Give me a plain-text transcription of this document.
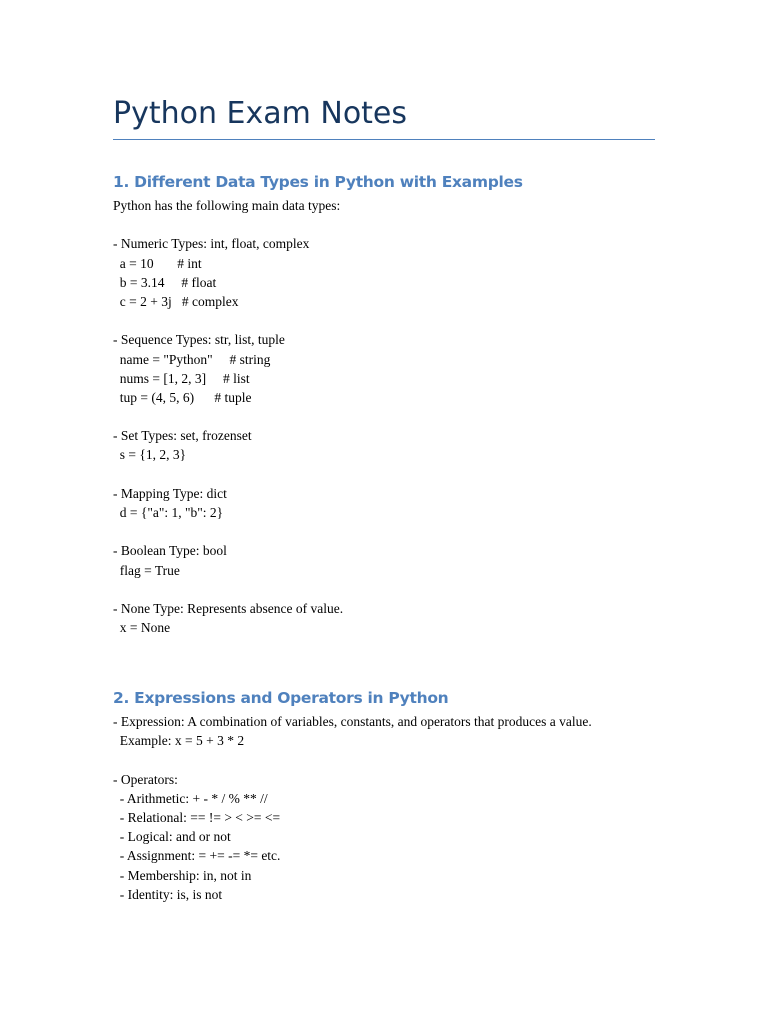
Python Exam Notes
1. Different Data Types in Python with Examples
Python has the following main data types:
- Numeric Types: int, float, complex
a = 10       # int
b = 3.14     # float
c = 2 + 3j   # complex
- Sequence Types: str, list, tuple
name = "Python"     # string
nums = [1, 2, 3]     # list
tup = (4, 5, 6)      # tuple
- Set Types: set, frozenset
s = {1, 2, 3}
- Mapping Type: dict
d = {"a": 1, "b": 2}
- Boolean Type: bool
flag = True
- None Type: Represents absence of value.
x = None
2. Expressions and Operators in Python
- Expression: A combination of variables, constants, and operators that produces a value.
Example: x = 5 + 3 * 2
- Operators:
- Arithmetic: + - * / % ** //
- Relational: == != > < >= <=
- Logical: and or not
- Assignment: = += -= *= etc.
- Membership: in, not in
- Identity: is, is not
